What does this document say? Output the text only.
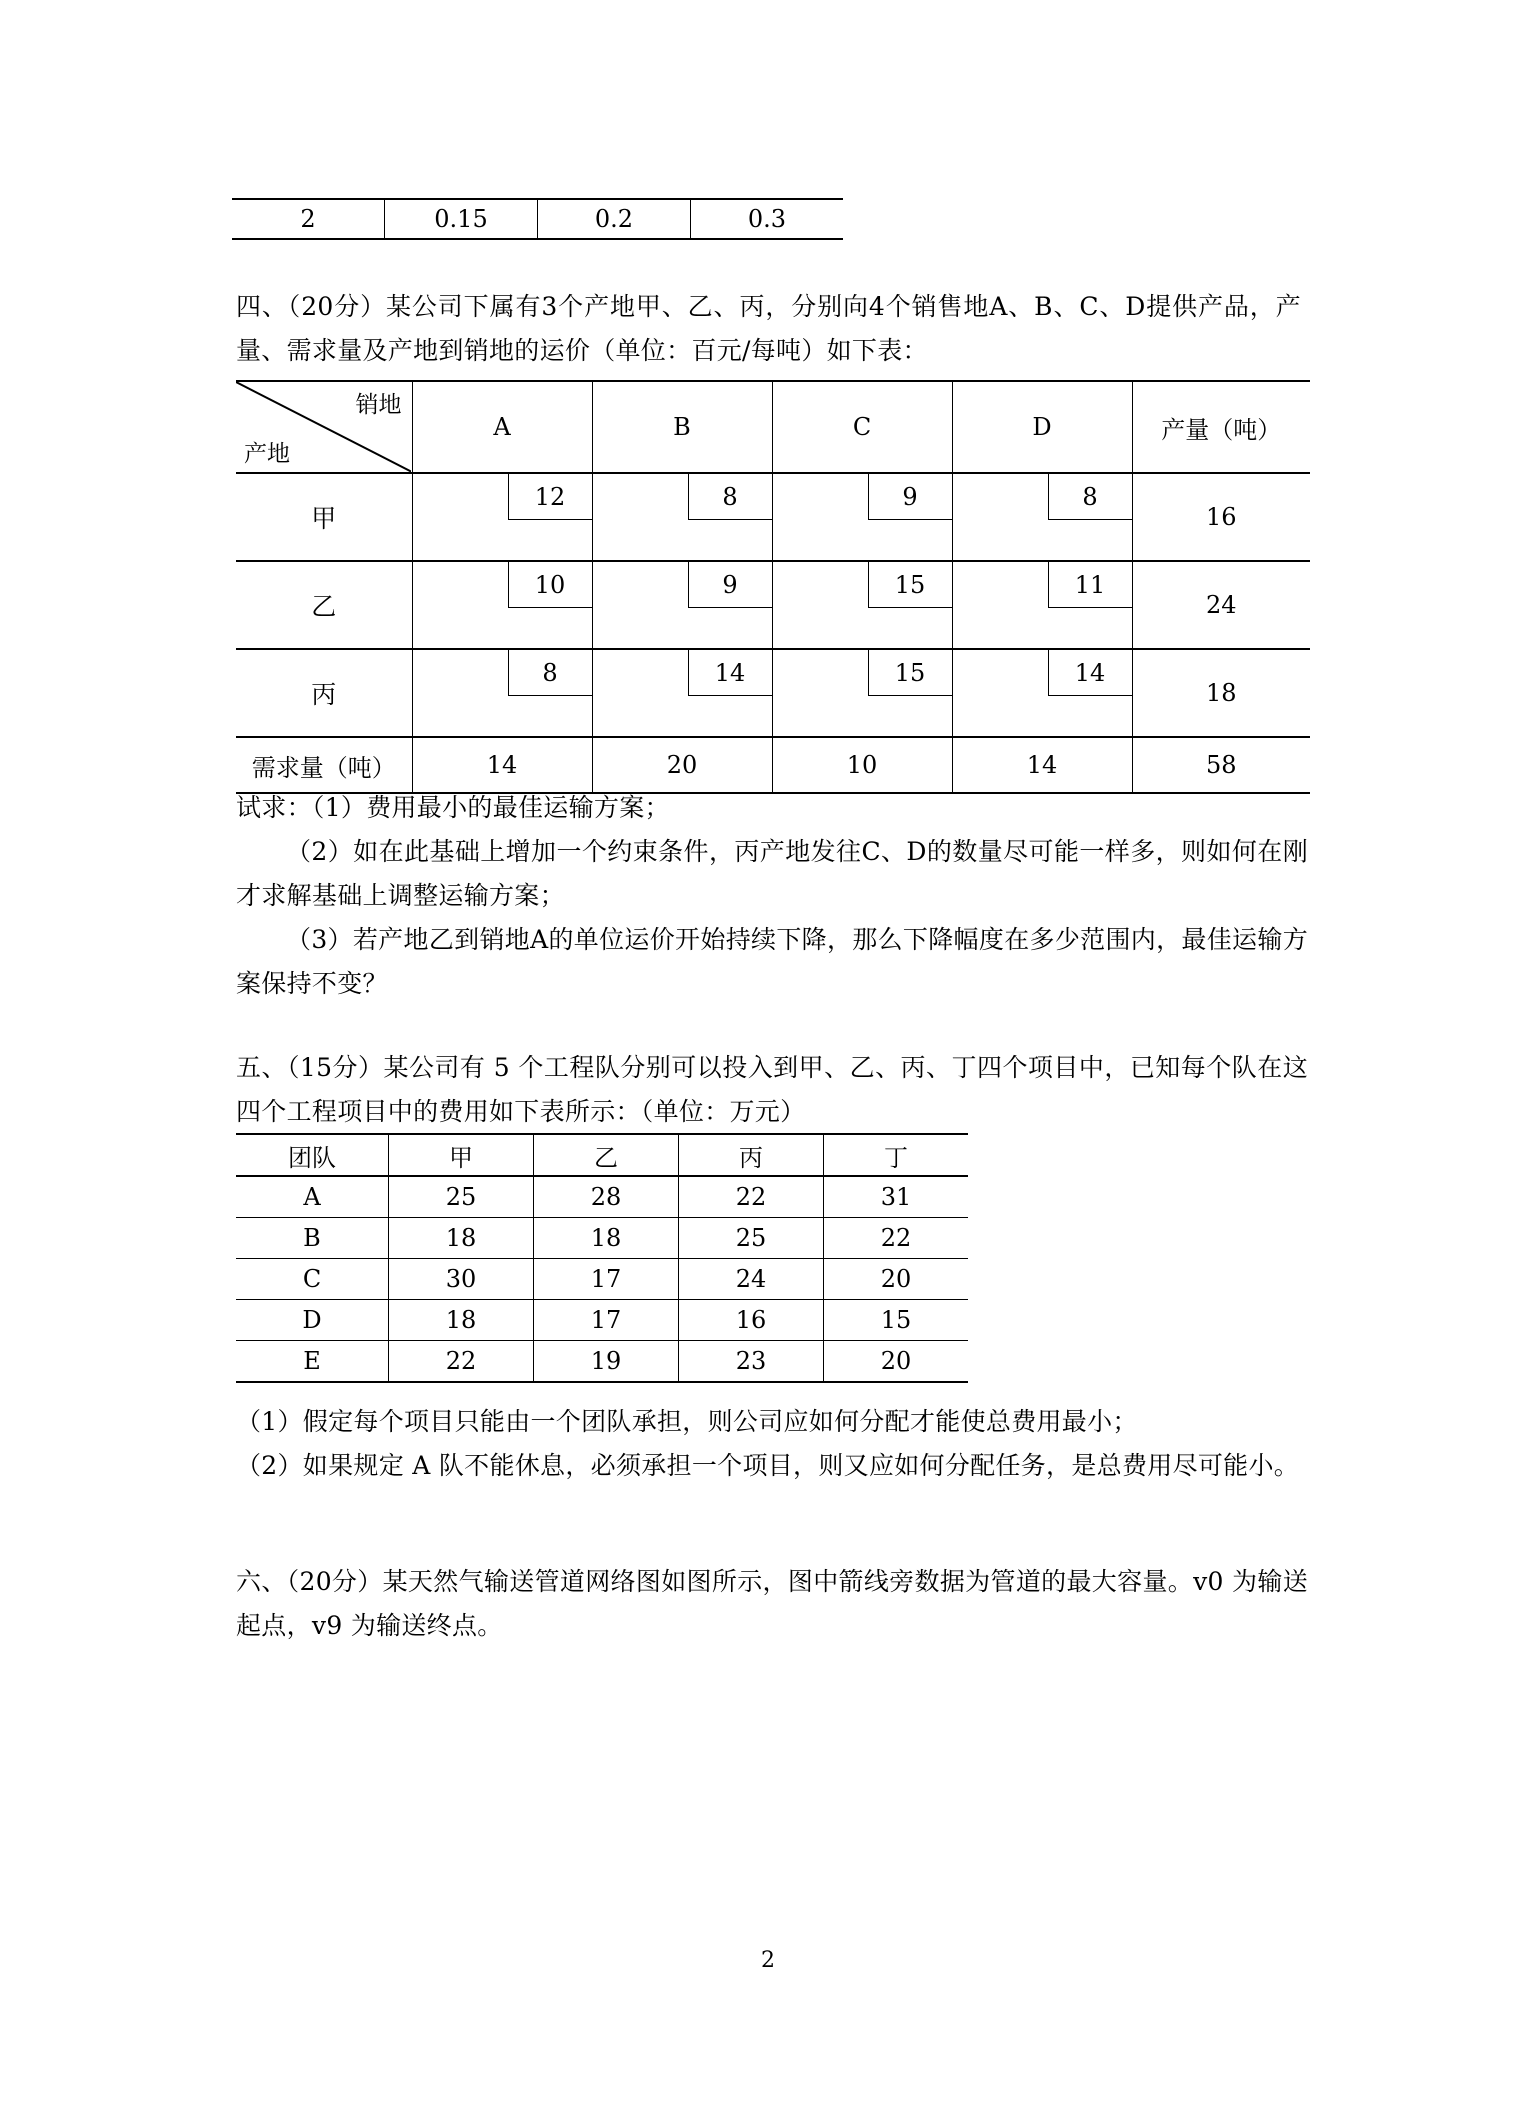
2	0.15	0.2	0.3
四、（20分）某公司下属有3个产地甲、乙、丙，分别向4个销售地A、B、C、D提供产品，产量、需求量及产地到销地的运价（单位：百元/每吨）如下表：
销地
产地	A	B	C	D	产量（吨）
甲	12	8	9	8	16
乙	10	9	15	11	24
丙	8	14	15	14	18
需求量（吨）	14	20	10	14	58
试求：（1）费用最小的最佳运输方案；
（2）如在此基础上增加一个约束条件，丙产地发往C、D的数量尽可能一样多，则如何在刚才求解基础上调整运输方案；
（3）若产地乙到销地A的单位运价开始持续下降，那么下降幅度在多少范围内，最佳运输方案保持不变？
五、（15分）某公司有 5 个工程队分别可以投入到甲、乙、丙、丁四个项目中，已知每个队在这四个工程项目中的费用如下表所示：（单位：万元）
团队	甲	乙	丙	丁
A	25	28	22	31
B	18	18	25	22
C	30	17	24	20
D	18	17	16	15
E	22	19	23	20
（1）假定每个项目只能由一个团队承担，则公司应如何分配才能使总费用最小；
（2）如果规定 A 队不能休息，必须承担一个项目，则又应如何分配任务，是总费用尽可能小。
六、（20分）某天然气输送管道网络图如图所示，图中箭线旁数据为管道的最大容量。v0 为输送起点，v9 为输送终点。
2
